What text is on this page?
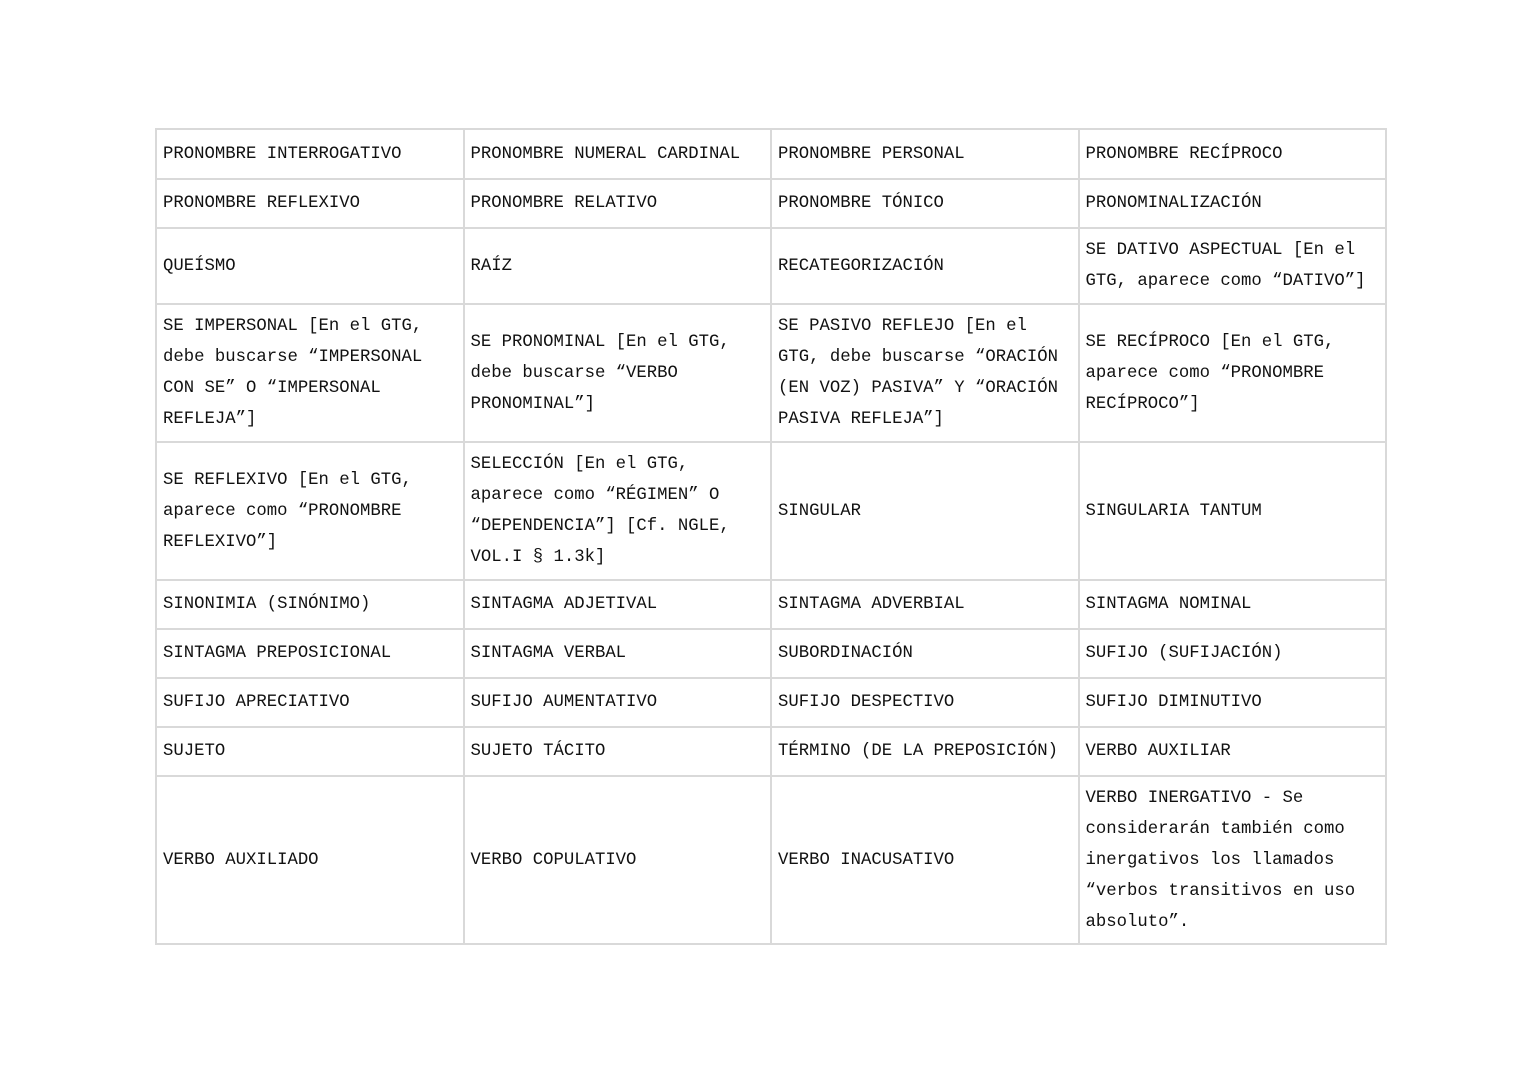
PRONOMBRE INTERROGATIVO	PRONOMBRE NUMERAL CARDINAL	PRONOMBRE PERSONAL	PRONOMBRE RECÍPROCO
PRONOMBRE REFLEXIVO	PRONOMBRE RELATIVO	PRONOMBRE TÓNICO	PRONOMINALIZACIÓN
QUEÍSMO	RAÍZ	RECATEGORIZACIÓN	SE DATIVO ASPECTUAL [En el GTG, aparece como “DATIVO”]
SE IMPERSONAL [En el GTG, debe buscarse “IMPERSONAL CON SE” O “IMPERSONAL REFLEJA”]	SE PRONOMINAL [En el GTG, debe buscarse “VERBO PRONOMINAL”]	SE PASIVO REFLEJO [En el GTG, debe buscarse “ORACIÓN (EN VOZ) PASIVA” Y “ORACIÓN PASIVA REFLEJA”]	SE RECÍPROCO [En el GTG, aparece como “PRONOMBRE RECÍPROCO”]
SE REFLEXIVO [En el GTG, aparece como “PRONOMBRE REFLEXIVO”]	SELECCIÓN [En el GTG, aparece como “RÉGIMEN” O “DEPENDENCIA”] [Cf. NGLE, VOL.I § 1.3k]	SINGULAR	SINGULARIA TANTUM
SINONIMIA (SINÓNIMO)	SINTAGMA ADJETIVAL	SINTAGMA ADVERBIAL	SINTAGMA NOMINAL
SINTAGMA PREPOSICIONAL	SINTAGMA VERBAL	SUBORDINACIÓN	SUFIJO (SUFIJACIÓN)
SUFIJO APRECIATIVO	SUFIJO AUMENTATIVO	SUFIJO DESPECTIVO	SUFIJO DIMINUTIVO
SUJETO	SUJETO TÁCITO	TÉRMINO (DE LA PREPOSICIÓN)	VERBO AUXILIAR
VERBO AUXILIADO	VERBO COPULATIVO	VERBO INACUSATIVO	VERBO INERGATIVO - Se considerarán también como inergativos los llamados “verbos transitivos en uso absoluto”.
